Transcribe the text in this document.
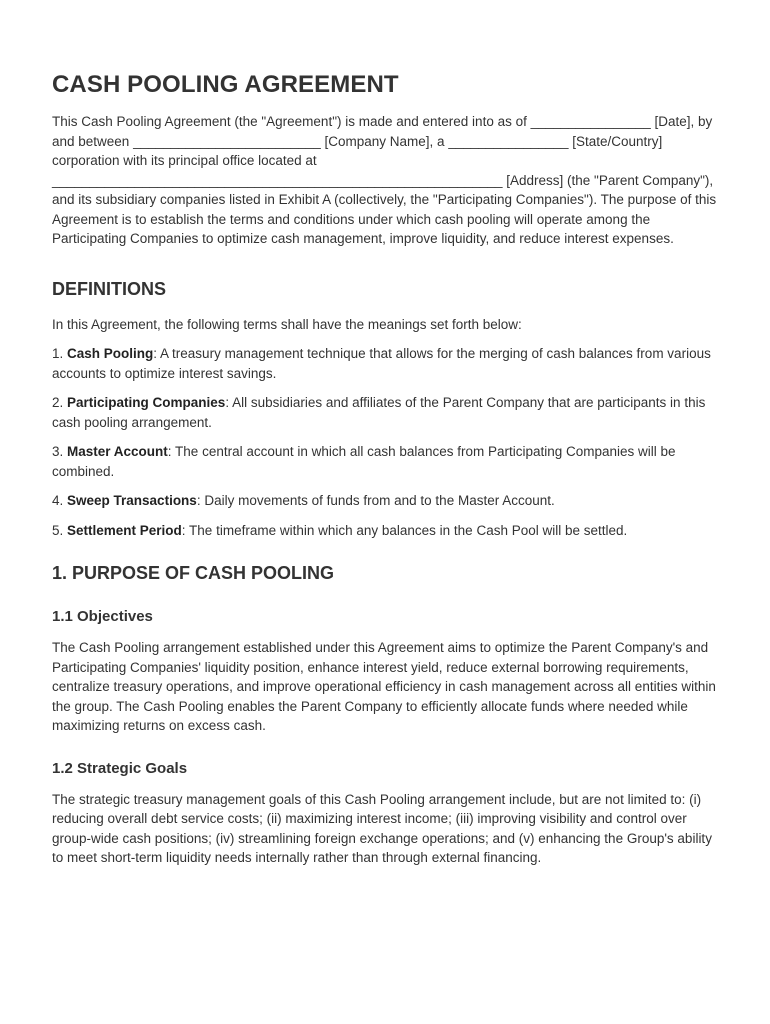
CASH POOLING AGREEMENT

This Cash Pooling Agreement (the "Agreement") is made and entered into as of ________________ [Date], by and between _________________________ [Company Name], a ________________ [State/Country] corporation with its principal office located at ____________________________________________________________ [Address] (the "Parent Company"), and its subsidiary companies listed in Exhibit A (collectively, the "Participating Companies"). The purpose of this Agreement is to establish the terms and conditions under which cash pooling will operate among the Participating Companies to optimize cash management, improve liquidity, and reduce interest expenses.

DEFINITIONS

In this Agreement, the following terms shall have the meanings set forth below:

1. Cash Pooling: A treasury management technique that allows for the merging of cash balances from various accounts to optimize interest savings.

2. Participating Companies: All subsidiaries and affiliates of the Parent Company that are participants in this cash pooling arrangement.

3. Master Account: The central account in which all cash balances from Participating Companies will be combined.

4. Sweep Transactions: Daily movements of funds from and to the Master Account.

5. Settlement Period: The timeframe within which any balances in the Cash Pool will be settled.

1. PURPOSE OF CASH POOLING
1.1 Objectives

The Cash Pooling arrangement established under this Agreement aims to optimize the Parent Company's and Participating Companies' liquidity position, enhance interest yield, reduce external borrowing requirements, centralize treasury operations, and improve operational efficiency in cash management across all entities within the group. The Cash Pooling enables the Parent Company to efficiently allocate funds where needed while maximizing returns on excess cash.

1.2 Strategic Goals

The strategic treasury management goals of this Cash Pooling arrangement include, but are not limited to: (i) reducing overall debt service costs; (ii) maximizing interest income; (iii) improving visibility and control over group-wide cash positions; (iv) streamlining foreign exchange operations; and (v) enhancing the Group's ability to meet short-term liquidity needs internally rather than through external financing.
